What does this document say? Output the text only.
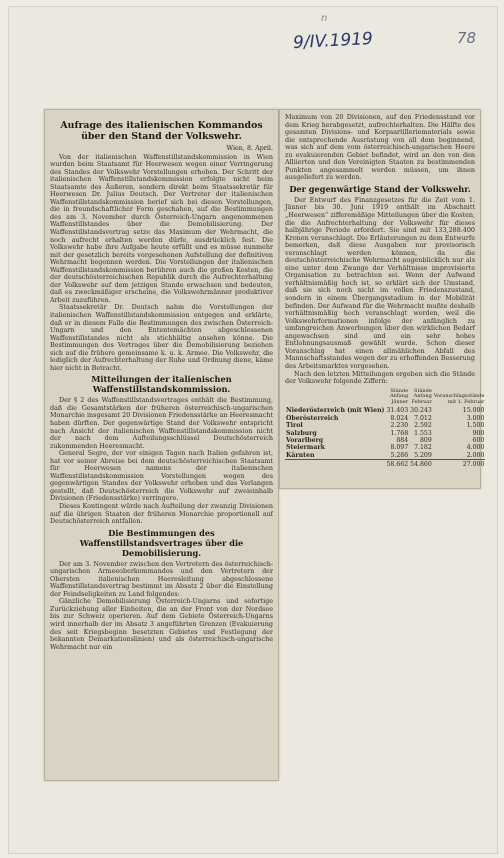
n
9/IV.1919	78
Aufrage des italienischen Kommandos über den Stand der Volkswehr.
Wien, 8. April.

Von der italienischen Waffenstillstandskommission in Wien wurden beim Staatsamt für Heerwesen wegen einer Verringerung des Standes der Volkswehr Vorstellungen erhoben. Der Schritt der italienischen Waffenstillstandskommission erfolgte nicht beim Staatsamte des Äußeren, sondern direkt beim Staatssekretär für Heerwesen Dr. Julius Deutsch. Der Vertreter der italienischen Waffenstillstandskommission berief sich bei diesen Vorstellungen, die in freundschaftlicher Form geschahen, auf die Bestimmungen des am 3. November durch Österreich-Ungarn angenommenen Waffenstillstandes über die Demobilisierung. Der Waffenstillstandsvertrag setze das Maximum der Wehrmacht, die noch aufrecht erhalten werden dürfe, ausdrücklich fest. Die Volkswehr habe ihre Aufgabe heute erfüllt und es müsse nunmehr mit der gesetzlich bereits vorgesehenen Aufstellung der definitiven Wehrmacht begonnen werden. Die Vorstellungen der italienischen Waffenstillstandskommission berühren auch die großen Kosten, die der deutschösterreichischen Republik durch die Aufrechterhaltung der Volkswehr auf dem jetzigen Stande erwachsen und bedeuten, daß es zweckmäßiger erscheine, die Volkswehrmänner produktiver Arbeit zuzuführen.

Staatssekretär Dr. Deutsch nahm die Vorstellungen der italienischen Waffenstillstandskommission entgegen und erklärte, daß er in diesem Falle die Bestimmungen des zwischen Österreich-Ungarn und den Ententemächten abgeschlossenen Waffenstillstandes nicht als stichhältig ansehen könne. Die Bestimmungen des Vertrages über die Demobilisierung beziehen sich auf die frühere gemeinsame k. u. k. Armee. Die Volkswehr, die lediglich der Aufrechterhaltung der Ruhe und Ordnung diene, käme hier nicht in Betracht.

Mitteilungen der italienischen Waffenstillstandskommission.

Der § 2 des Waffenstillstandsvertrages enthält die Bestimmung, daß die Gesamtstärken der früheren österreichisch-ungarischen Monarchie insgesamt 20 Divisionen Friedensstärke an Heeresmacht haben dürften. Der gegenwärtige Stand der Volkswehr entspricht nach Ansicht der italienischen Waffenstillstandskommission nicht der nach dem Aufteilungsschlüssel Deutschösterreich zukommenden Heeresmacht.

General Segre, der vor einigen Tagen nach Italien gefahren ist, hat vor seiner Abreise bei dem deutschösterreichischen Staatsamt für Heerwesen namens der italienischen Waffenstillstandskommission Vorstellungen wegen des gegenwärtigen Standes der Volkswehr erhoben und das Verlangen gestellt, daß Deutschösterreich die Volkswehr auf zweieinhalb Divisionen (Friedensstärke) verringere.

Dieses Kontingent würde nach Aufteilung der zwanzig Divisionen auf die übrigen Staaten der früheren Monarchie proportionell auf Deutschösterreich entfallen.

Die Bestimmungen des Waffenstillstandsvertrages über die Demobilisierung.

Der am 3. November zwischen den Vertretern des österreichisch-ungarischen Armeeoberkommandos und den Vertretern der Obersten italienischen Heeresleitung abgeschlossene Waffenstillstandsvertrag bestimmt im Absatz 2 über die Einstellung der Feindseligkeiten zu Land folgendes:

Gänzliche Demobilisierung Österreich-Ungarns und sofortige Zurückziehung aller Einheiten, die an der Front von der Nordsee bis zur Schweiz operieren. Auf dem Gebiete Österreich-Ungarns wird innerhalb der im Absatz 3 angeführten Grenzen (Evakuierung des seit Kriegsbeginn besetzten Gebietes und Festlegung der bekannten Demarkationslinien) und als österreichisch-ungarische Wehrmacht nur ein

Maximum von 20 Divisionen, auf den Friedensstand vor dem Krieg herabgesetzt, aufrechterhalten. Die Hälfte des gesamten Divisions- und Korpsartilleriematerials sowie die entsprechende Ausrüstung von all dem beginnend, was sich auf dem vom österreichisch-ungarischen Heere zu evakuierenden Gebiet befindet, wird an den von den Alliierten und den Vereinigten Staaten zu bestimmenden Punkten angesammelt werden müssen, um ihnen ausgeliefert zu werden.

Der gegenwärtige Stand der Volkswehr.

Der Entwurf des Finanzgesetzes für die Zeit vom 1. Jänner bis 30. Juni 1919 enthält im Abschnitt „Heerwesen“ zifferemäßige Mitteilungen über die Kosten, die die Aufrechterhaltung der Volkswehr für dieses halbjährige Periode erfordert. Sie sind mit 133,288.400 Kronen veranschlagt. Die Erläuterungen zu dem Entwurfe bemerken, daß diese Ausgaben nur provisorisch veranschlagt werden können, da die deutschösterreichische Wehrmacht augenblicklich nur als eine unter dem Zwange der Verhältnisse improvisierte Organisation zu betrachten sei. Wenn der Aufwand verhältnismäßig hoch ist, so erklärt sich der Umstand, daß sie sich noch nicht im vollen Friedenszustand, sondern in einem Übergangsstadium in der Mobilität befinden. Der Aufwand für die Wehrmacht mußte deshalb verhältnismäßig hoch veranschlagt werden, weil die Volkswehrformationen infolge der anfänglich zu umfangreichen Anwerbungen über den wirklichen Bedarf angewachsen sind und ein sehr hohes Entlohnungsausmaß gewählt wurde. Schon dieser Voranschlag hat einen allmählichen Abfall des Mannschaftsstandes wegen der zu erhoffenden Besserung des Arbeitsmarktes vorgesehen.

Nach den letzten Mitteilungen ergeben sich die Stände der Volkswehr folgende Ziffern:

	Stände Anfang Jänner	Stände Anfang Februar	Voranschlagsstände mit 1. Februar
Niederösterreich (mit Wien)	31.403	30.243	15.000
Oberösterreich	8.024	7.012	3.000
Tirol	2.230	2.592	1.500
Salzburg	1.768	1.553	900
Vorarlberg	884	809	600
Steiermark	8.097	7.182	4.000
Kärnten	5.286	5.209	2.000
	58.662	54.860	27.000
